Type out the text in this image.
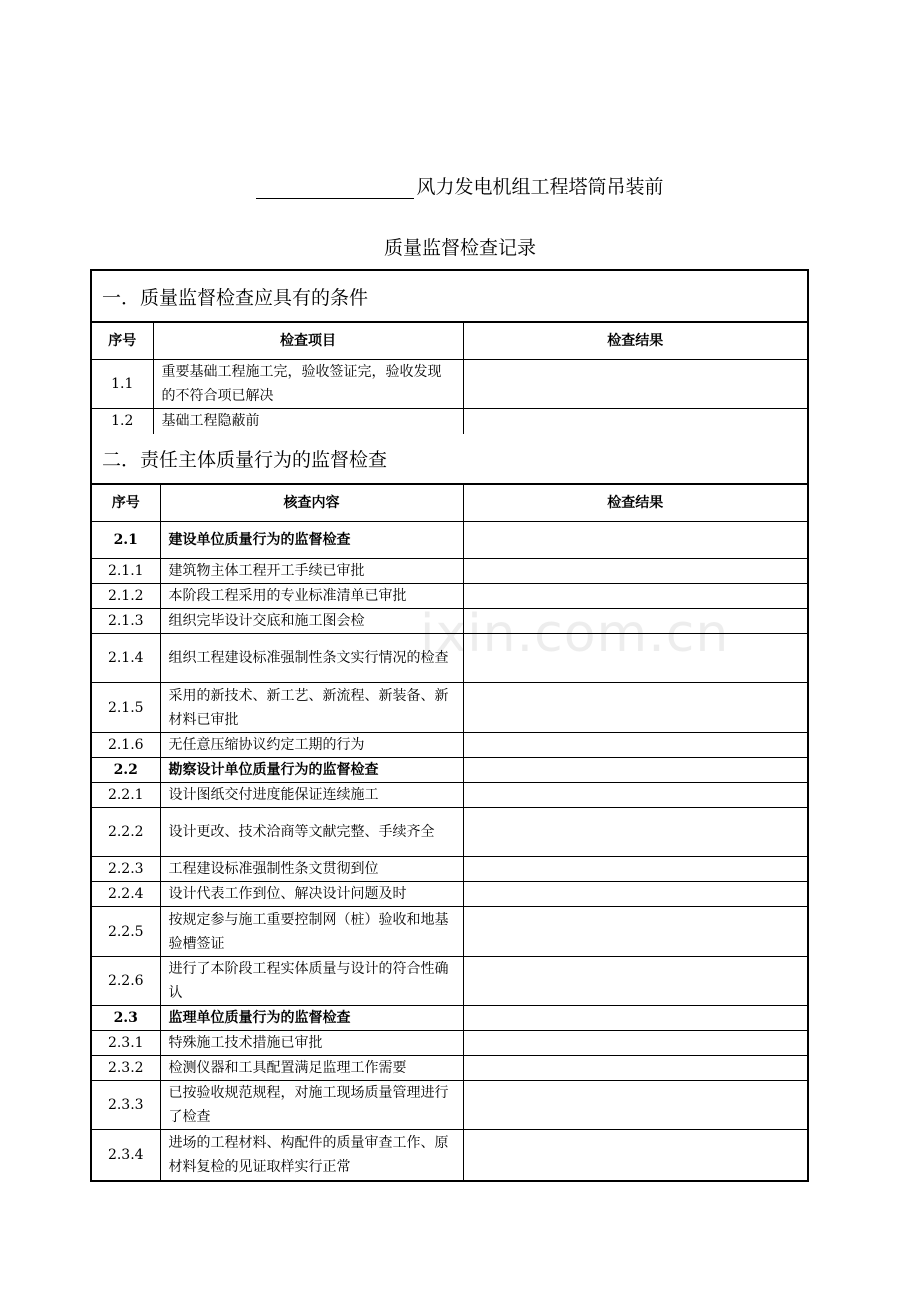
风力发电机组工程塔筒吊装前
质量监督检查记录
一．质量监督检查应具有的条件
序号	检查项目	检查结果
1.1	重要基础工程施工完，验收签证完，验收发现的不符合项已解决	
1.2	基础工程隐蔽前	
二．责任主体质量行为的监督检查
序号	核查内容	检查结果
2.1	建设单位质量行为的监督检查	
2.1.1	建筑物主体工程开工手续已审批	
2.1.2	本阶段工程采用的专业标准清单已审批	
2.1.3	组织完毕设计交底和施工图会检	
2.1.4	组织工程建设标准强制性条文实行情况的检查	
2.1.5	采用的新技术、新工艺、新流程、新装备、新材料已审批	
2.1.6	无任意压缩协议约定工期的行为	
2.2	勘察设计单位质量行为的监督检查	
2.2.1	设计图纸交付进度能保证连续施工	
2.2.2	设计更改、技术洽商等文献完整、手续齐全	
2.2.3	工程建设标准强制性条文贯彻到位	
2.2.4	设计代表工作到位、解决设计问题及时	
2.2.5	按规定参与施工重要控制网（桩）验收和地基验槽签证	
2.2.6	进行了本阶段工程实体质量与设计的符合性确认	
2.3	监理单位质量行为的监督检查	
2.3.1	特殊施工技术措施已审批	
2.3.2	检测仪器和工具配置满足监理工作需要	
2.3.3	已按验收规范规程，对施工现场质量管理进行了检查	
2.3.4	进场的工程材料、构配件的质量审查工作、原材料复检的见证取样实行正常	
ixin.com.cn
